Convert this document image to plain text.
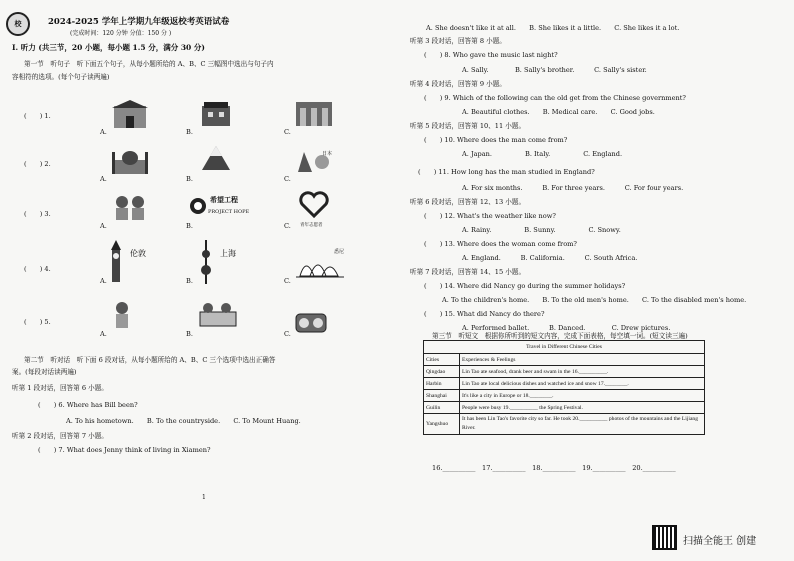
校	2024-2025 学年上学期九年级返校考英语试卷
(完成时间：120 分钟 分值：150 分 )
Ⅰ. 听力 (共三节，20 小题，每小题 1.5 分，满分 30 分)
第一节　听句子　听下面五个句子，从每小题所给的 A、B、C 三幅图中选出与句子内
容相符的选项。(每个句子读两遍)
(　　) 1.
A.	B.	C.
(　　) 2.
A.	B.	C.
日本
(　　) 3.
A.	B.	C.
希望工程
PROJECT HOPE
青年志愿者
(　　) 4.
A.	B.	C.
伦敦	上海	悉尼
(　　) 5.
A.	B.	C.
第二节　听对话　听下面 6 段对话，从每小题所给的 A、B、C 三个选项中选出正确答
案。(每段对话读两遍)
听第 1 段对话，回答第 6 小题。
(　　) 6. Where has Bill been?
A. To his hometown.　　B. To the countryside.　　C. To Mount Huang.
听第 2 段对话，回答第 7 小题。
(　　) 7. What does Jenny think of living in Xiamen?
1
A. She doesn't like it at all.　　B. She likes it a little.　　C. She likes it a lot.
听第 3 段对话，回答第 8 小题。
(　　) 8. Who gave the music last night?
A. Sally.　　　　B. Sally's brother.　　　C. Sally's sister.
听第 4 段对话，回答第 9 小题。
(　　) 9. Which of the following can the old get from the Chinese government?
A. Beautiful clothes.　　B. Medical care.　　C. Good jobs.
听第 5 段对话，回答第 10、11 小题。
(　　) 10. Where does the man come from?
A. Japan.　　　　　B. Italy.　　　　　C. England.
(　　) 11. How long has the man studied in England?
A. For six months.　　　B. For three years.　　　C. For four years.
听第 6 段对话，回答第 12、13 小题。
(　　) 12. What's the weather like now?
A. Rainy.　　　　　B. Sunny.　　　　　C. Snowy.
(　　) 13. Where does the woman come from?
A. England.　　　B. California.　　　C. South Africa.
听第 7 段对话，回答第 14、15 小题。
(　　) 14. Where did Nancy go during the summer holidays?
A. To the children's home.　　B. To the old men's home.　　C. To the disabled men's home.
(　　) 15. What did Nancy do there?
A. Performed ballet.　　　B. Danced.　　　　C. Drew pictures.
第三节　听短文　根据你所听到的短文内容，完成下面表格，每空填一词。(短文读三遍)
Travel in Different Chinese Cities	
Cities	Experiences & Feelings
Qingdao	Lin Tao ate seafood, drank beer and swam in the 16.__________.
Harbin	Lin Tao ate local delicious dishes and watched ice and snow 17.________.
Shanghai	It's like a city in Europe or 18.________.
Guilin	People were busy 19.__________ the Spring Festival.
Yangshuo	It has been Lin Tao's favorite city so far. He took 20.__________ photos of the mountains and the Lijiang River.
16.__________　17.__________　18.__________　19.__________　20.__________
扫描全能王 创建
